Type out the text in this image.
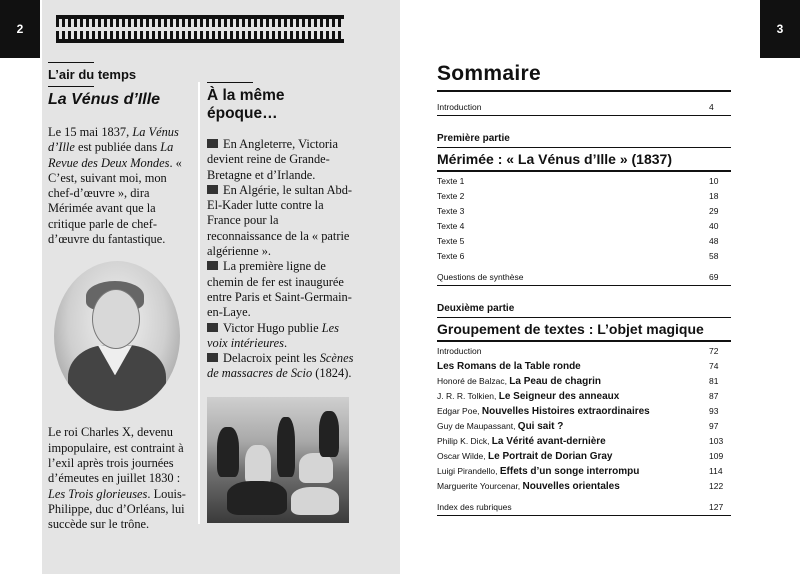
2
L’air du temps
La Vénus d’Ille

Le 15 mai 1837, La Vénus d’Ille est publiée dans La Revue des Deux Mondes. « C’est, suivant moi, mon chef-d’œuvre », dira Mérimée avant que la critique parle de chef-d’œuvre du fantastique.

Le roi Charles X, devenu impopulaire, est contraint à l’exil après trois journées d’émeutes en juillet 1830 : Les Trois glorieuses. Louis-Philippe, duc d’Orléans, lui succède sur le trône.

À la même époque…

En Angleterre, Victoria devient reine de Grande-Bretagne et d’Irlande.

En Algérie, le sultan Abd-El-Kader lutte contre la France pour la reconnaissance de la « patrie algérienne ».

La première ligne de chemin de fer est inaugurée entre Paris et Saint-Germain-en-Laye.

Victor Hugo publie Les voix intérieures.

Delacroix peint les Scènes de massacres de Scio (1824).

3
Sommaire
Introduction	4
Première partie
Mérimée : « La Vénus d’Ille » (1837)
Texte 1	10
Texte 2	18
Texte 3	29
Texte 4	40
Texte 5	48
Texte 6	58
Questions de synthèse	69
Deuxième partie
Groupement de textes : L’objet magique
Introduction	72
Les Romans de la Table ronde	74
Honoré de Balzac, La Peau de chagrin	81
J. R. R. Tolkien, Le Seigneur des anneaux	87
Edgar Poe, Nouvelles Histoires extraordinaires	93
Guy de Maupassant, Qui sait ?	97
Philip K. Dick, La Vérité avant-dernière	103
Oscar Wilde, Le Portrait de Dorian Gray	109
Luigi Pirandello, Effets d’un songe interrompu	114
Marguerite Yourcenar, Nouvelles orientales	122
Index des rubriques	127
